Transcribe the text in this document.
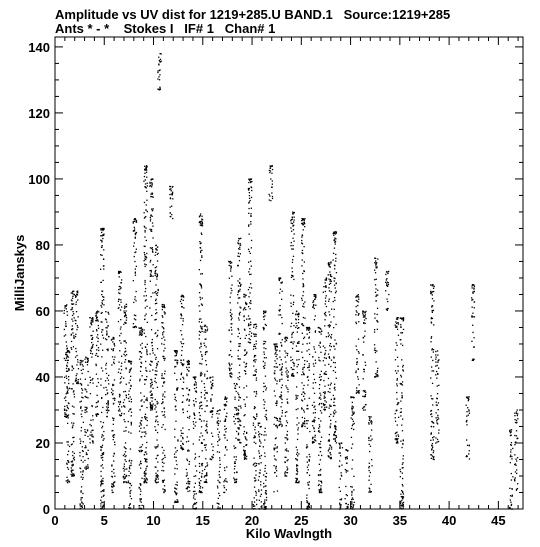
Amplitude vs UV dist for 1219+285.U BAND.1   Source:1219+285
Ants * - *    Stokes I   IF# 1   Chan# 1
0	5	10	15	20	25	30	35	40	45
0
20
40
60
80
100
120
140
Kilo Wavlngth
MilliJanskys
